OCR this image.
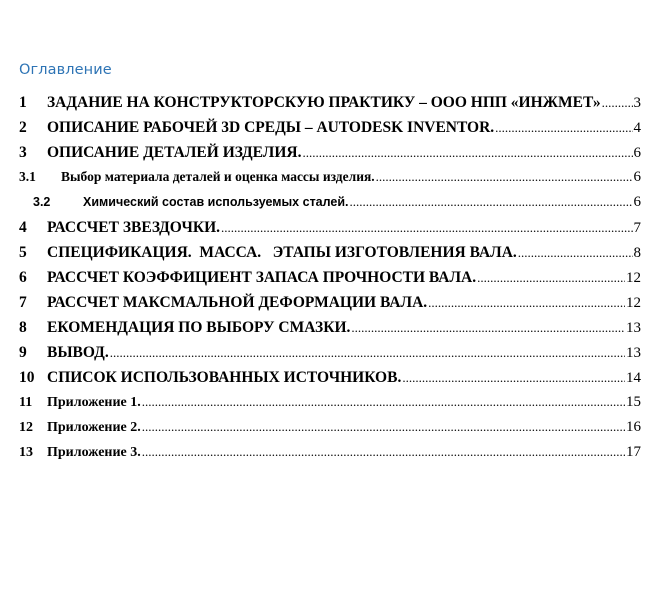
Оглавление
1	ЗАДАНИЕ НА КОНСТРУКТОРСКУЮ ПРАКТИКУ – ООО НПП «ИНЖМЕТ» ..... 3
2	ОПИСАНИЕ РАБОЧЕЙ 3D СРЕДЫ – AUTODESK INVENTOR. .....	4
3	ОПИСАНИЕ ДЕТАЛЕЙ ИЗДЕЛИЯ. .....	6
3.1	Выбор материала деталей и оценка массы изделия. .....	6
3.2	Химический состав используемых сталей. .....	6
4	РАССЧЕТ ЗВЕЗДОЧКИ. .....	7
5	СПЕЦИФИКАЦИЯ.  МАССА.   ЭТАПЫ ИЗГОТОВЛЕНИЯ ВАЛА. .....	8
6	РАССЧЕТ КОЭФФИЦИЕНТ ЗАПАСА ПРОЧНОСТИ ВАЛА. .....	12
7	РАССЧЕТ МАКСМАЛЬНОЙ ДЕФОРМАЦИИ ВАЛА. .....	12
8	ЕКОМЕНДАЦИЯ ПО ВЫБОРУ СМАЗКИ. .....	13
9	ВЫВОД. .....	13
10 СПИСОК ИСПОЛЬЗОВАННЫХ ИСТОЧНИКОВ. .....	14
11	Приложение 1. .....	15
12	Приложение 2. .....	16
13	Приложение 3. .....	17
